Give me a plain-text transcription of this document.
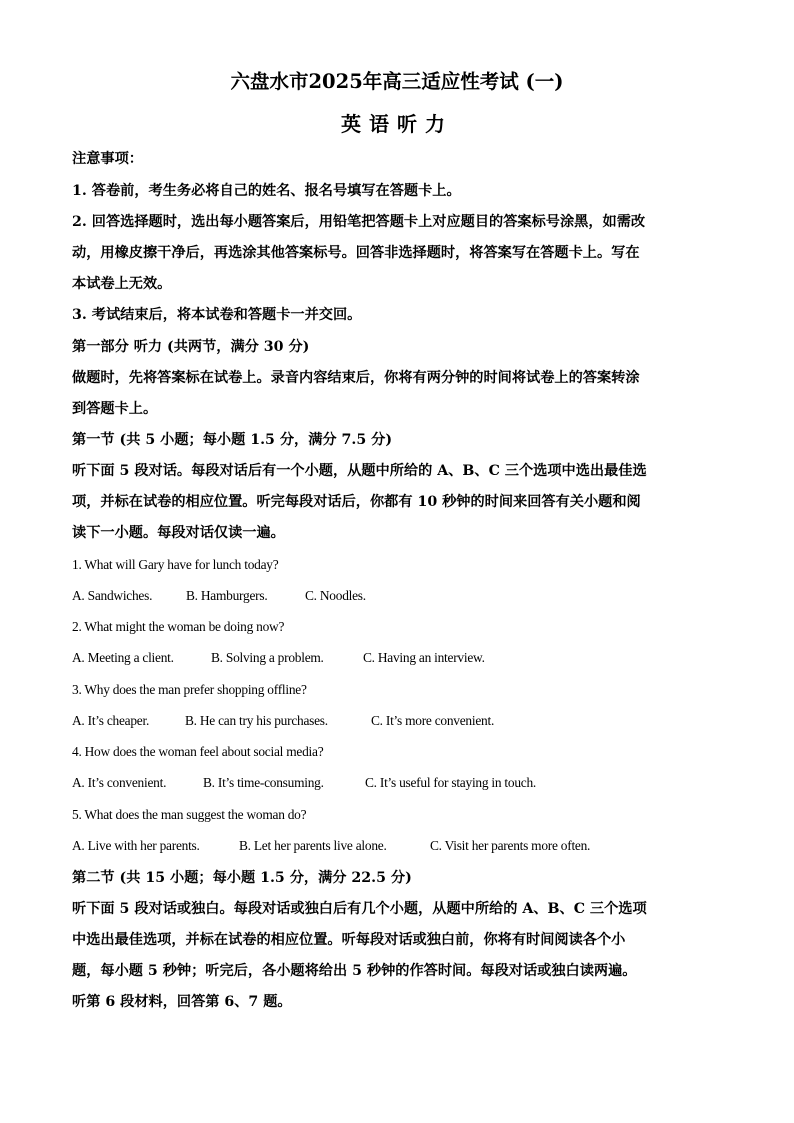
六盘水市2025年高三适应性考试 (一)
英语听力
注意事项：
1. 答卷前，考生务必将自己的姓名、报名号填写在答题卡上。
2. 回答选择题时，选出每小题答案后，用铅笔把答题卡上对应题目的答案标号涂黑，如需改
动，用橡皮擦干净后，再选涂其他答案标号。回答非选择题时，将答案写在答题卡上。写在
本试卷上无效。
3. 考试结束后，将本试卷和答题卡一并交回。
第一部分 听力 (共两节，满分 30 分)
做题时，先将答案标在试卷上。录音内容结束后，你将有两分钟的时间将试卷上的答案转涂
到答题卡上。
第一节 (共 5 小题；每小题 1.5 分，满分 7.5 分)
听下面 5 段对话。每段对话后有一个小题，从题中所给的 A、B、C 三个选项中选出最佳选
项，并标在试卷的相应位置。听完每段对话后，你都有 10 秒钟的时间来回答有关小题和阅
读下一小题。每段对话仅读一遍。
1. What will Gary have for lunch today?
A. Sandwiches.	B. Hamburgers.	C. Noodles.
2. What might the woman be doing now?
A. Meeting a client.	B. Solving a problem.	C. Having an interview.
3. Why does the man prefer shopping offline?
A. It’s cheaper.	B. He can try his purchases.	C. It’s more convenient.
4. How does the woman feel about social media?
A. It’s convenient.	B. It’s time-consuming.	C. It’s useful for staying in touch.
5. What does the man suggest the woman do?
A. Live with her parents.	B. Let her parents live alone.	C. Visit her parents more often.
第二节 (共 15 小题；每小题 1.5 分，满分 22.5 分)
听下面 5 段对话或独白。每段对话或独白后有几个小题，从题中所给的 A、B、C 三个选项
中选出最佳选项，并标在试卷的相应位置。听每段对话或独白前，你将有时间阅读各个小
题，每小题 5 秒钟；听完后，各小题将给出 5 秒钟的作答时间。每段对话或独白读两遍。
听第 6 段材料，回答第 6、7 题。
